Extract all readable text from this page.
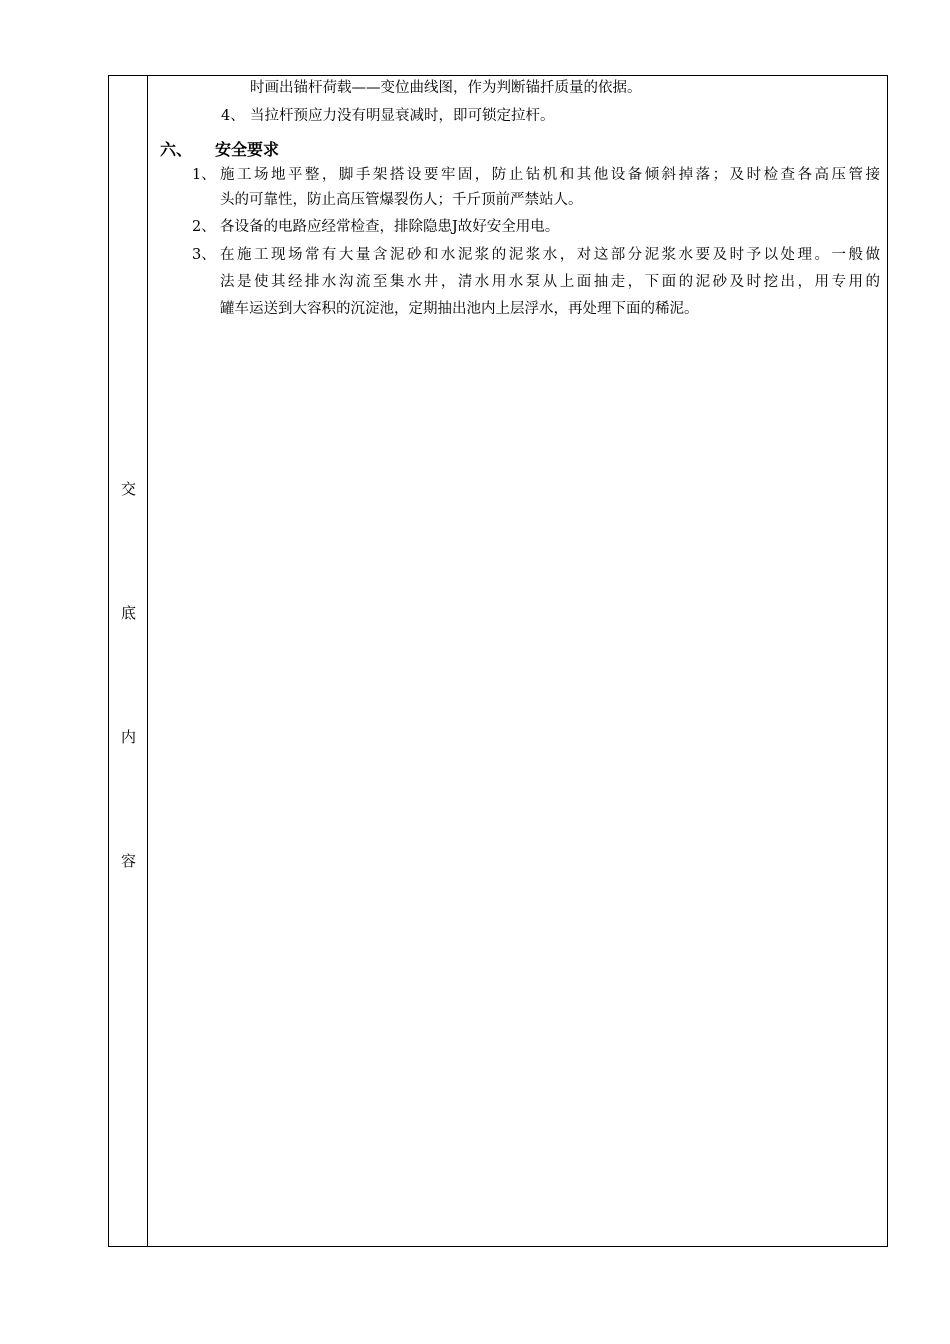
交
底
内
容
时画出锚杆荷载——变位曲线图，作为判断锚扦质量的依据。
4、 当拉杆预应力没有明显衰减时，即可锁定拉杆。
六、 安全要求
1、 施工场地平整，脚手架搭设要牢固，防止钻机和其他设备倾斜掉落；及时检查各高压管接
头的可靠性，防止高压管爆裂伤人；千斤顶前严禁站人。
2、 各设备的电路应经常检查，排除隐患J故好安全用电。
3、 在施工现场常有大量含泥砂和水泥浆的泥浆水，对这部分泥浆水要及时予以处理。一般做
法是使其经排水沟流至集水井，清水用水泵从上面抽走，下面的泥砂及时挖出，用专用的
罐车运送到大容积的沉淀池，定期抽出池内上层浮水，再处理下面的稀泥。
